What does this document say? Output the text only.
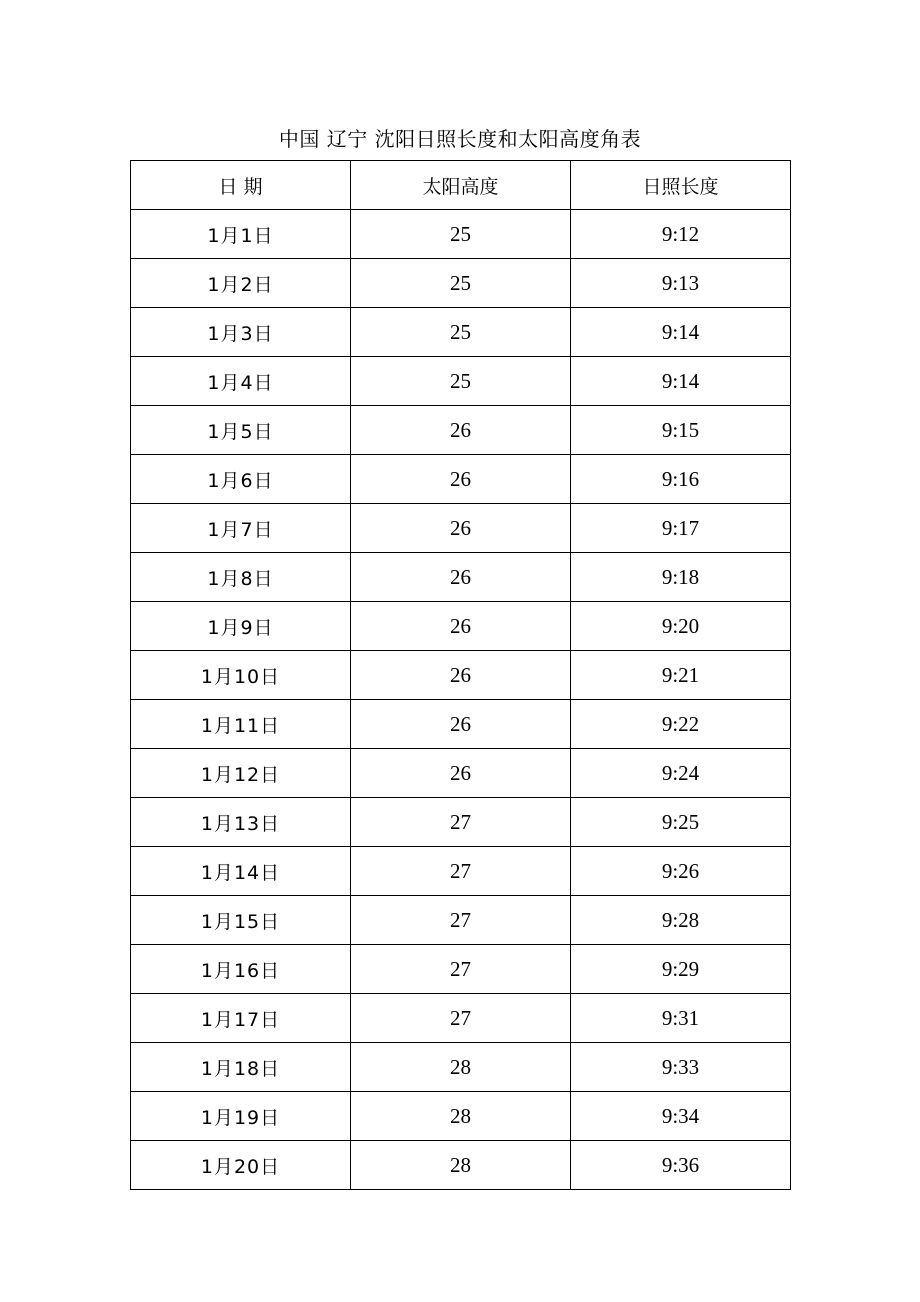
中国 辽宁 沈阳日照长度和太阳高度角表
日 期	太阳高度	日照长度
1月1日	25	9:12
1月2日	25	9:13
1月3日	25	9:14
1月4日	25	9:14
1月5日	26	9:15
1月6日	26	9:16
1月7日	26	9:17
1月8日	26	9:18
1月9日	26	9:20
1月10日	26	9:21
1月11日	26	9:22
1月12日	26	9:24
1月13日	27	9:25
1月14日	27	9:26
1月15日	27	9:28
1月16日	27	9:29
1月17日	27	9:31
1月18日	28	9:33
1月19日	28	9:34
1月20日	28	9:36
